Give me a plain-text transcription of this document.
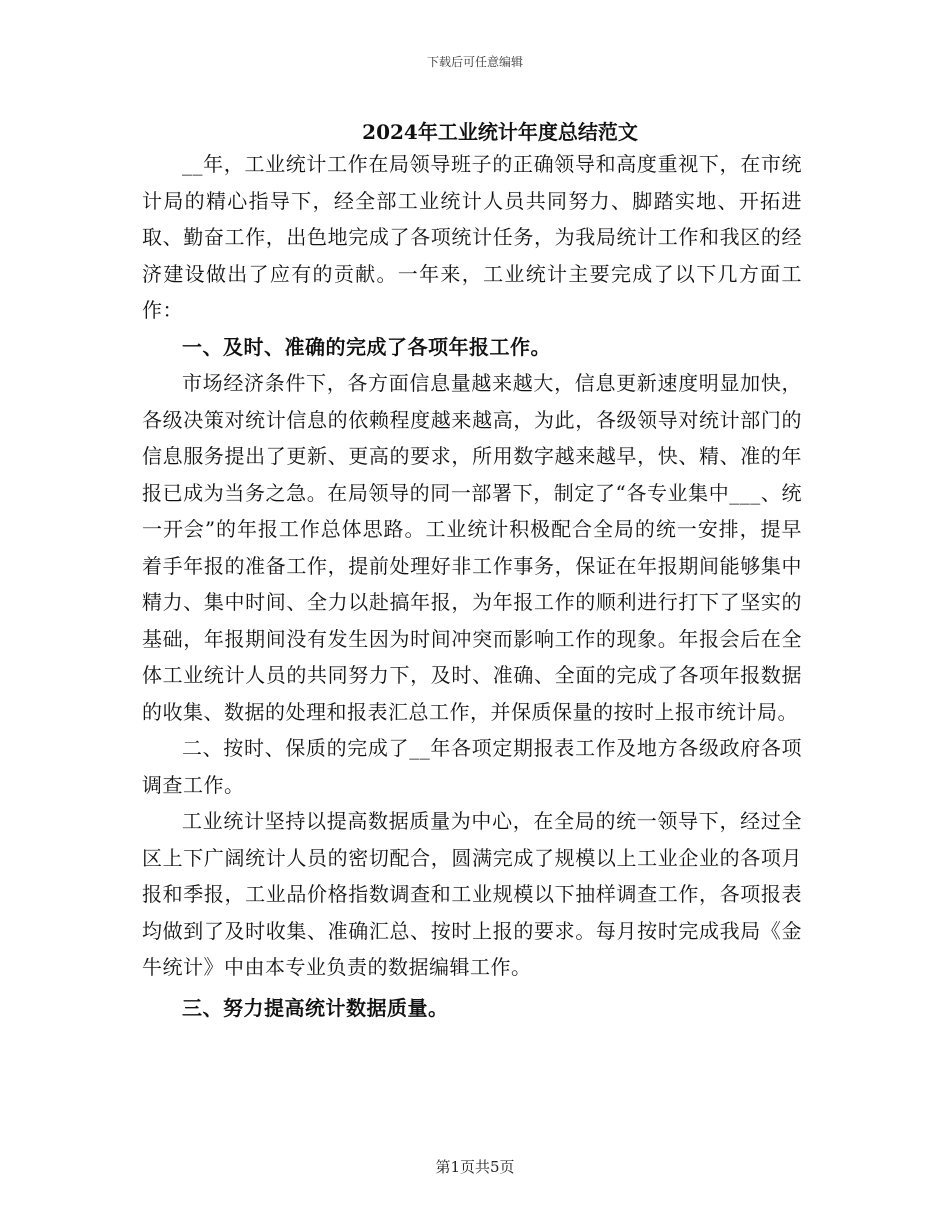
下载后可任意编辑
2024年工业统计年度总结范文

__年，工业统计工作在局领导班子的正确领导和高度重视下，在市统计局的精心指导下，经全部工业统计人员共同努力、脚踏实地、开拓进取、勤奋工作，出色地完成了各项统计任务，为我局统计工作和我区的经济建设做出了应有的贡献。一年来，工业统计主要完成了以下几方面工作：

一、及时、准确的完成了各项年报工作。

市场经济条件下，各方面信息量越来越大，信息更新速度明显加快，各级决策对统计信息的依赖程度越来越高，为此，各级领导对统计部门的信息服务提出了更新、更高的要求，所用数字越来越早，快、精、准的年报已成为当务之急。在局领导的同一部署下，制定了“各专业集中___、统一开会”的年报工作总体思路。工业统计积极配合全局的统一安排，提早着手年报的准备工作，提前处理好非工作事务，保证在年报期间能够集中精力、集中时间、全力以赴搞年报，为年报工作的顺利进行打下了坚实的基础，年报期间没有发生因为时间冲突而影响工作的现象。年报会后在全体工业统计人员的共同努力下，及时、准确、全面的完成了各项年报数据的收集、数据的处理和报表汇总工作，并保质保量的按时上报市统计局。

二、按时、保质的完成了__年各项定期报表工作及地方各级政府各项调查工作。

工业统计坚持以提高数据质量为中心，在全局的统一领导下，经过全区上下广阔统计人员的密切配合，圆满完成了规模以上工业企业的各项月报和季报，工业品价格指数调查和工业规模以下抽样调查工作，各项报表均做到了及时收集、准确汇总、按时上报的要求。每月按时完成我局《金牛统计》中由本专业负责的数据编辑工作。

三、努力提高统计数据质量。

第1页共5页
